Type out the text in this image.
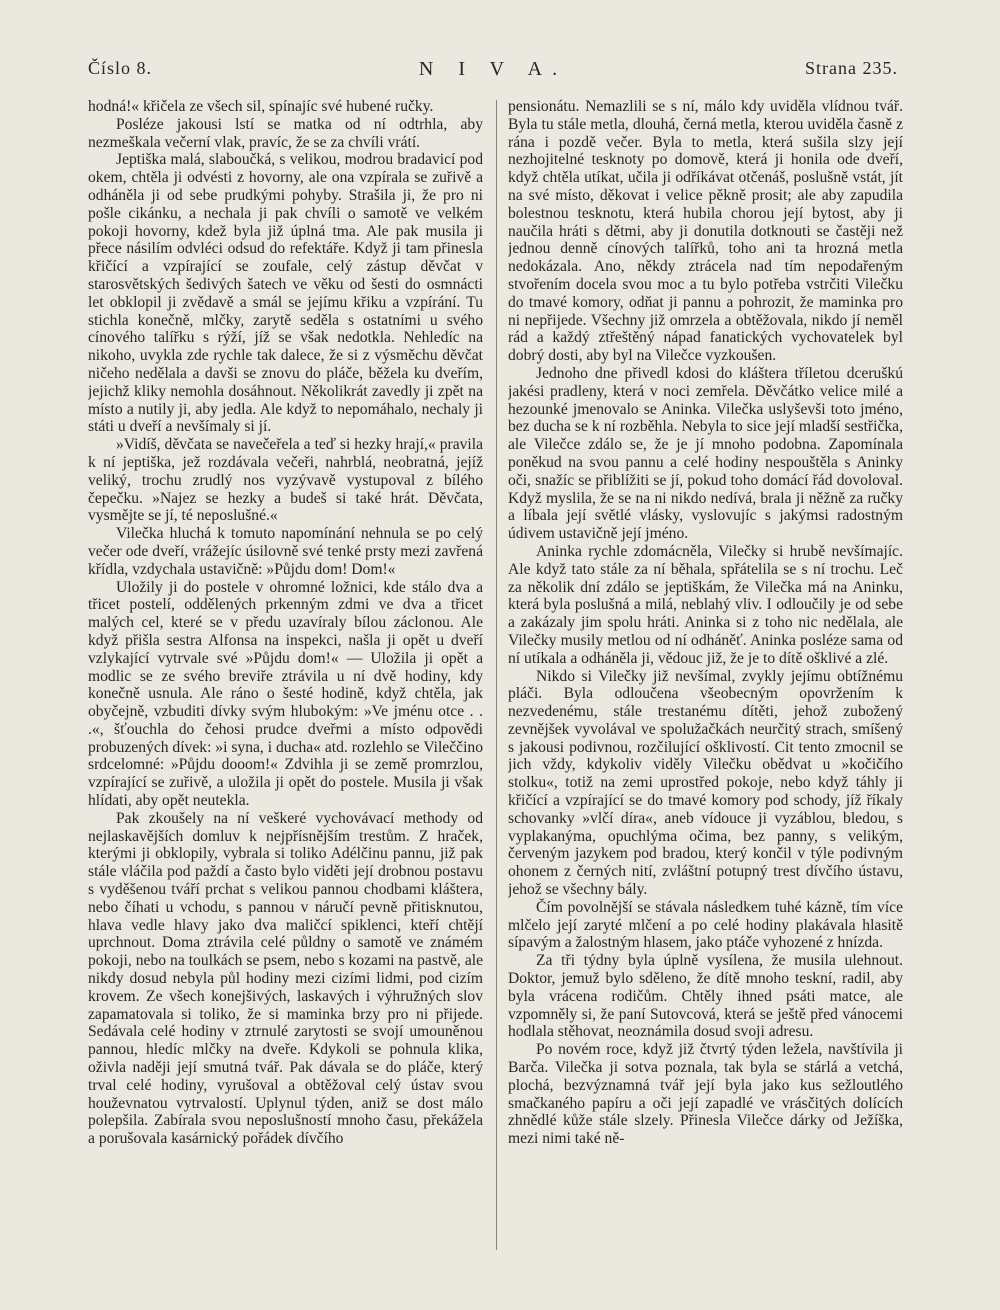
Číslo 8.	N I V A.	Strana 235.

hodná!« křičela ze všech sil, spínajíc své hubené ručky.

Posléze jakousi lstí se matka od ní odtrhla, aby nezmeškala večerní vlak, pravíc, že se za chvíli vrátí.

Jeptiška malá, slaboučká, s velikou, modrou bradavicí pod okem, chtěla ji odvésti z hovorny, ale ona vzpírala se zuřivě a odháněla ji od sebe prudkými pohyby. Strašila ji, že pro ni pošle cikánku, a nechala ji pak chvíli o samotě ve velkém pokoji hovorny, kdež byla již úplná tma. Ale pak musila ji přece násilím odvléci odsud do refektáře. Když ji tam přinesla křičící a vzpírající se zoufale, celý zástup děvčat v starosvětských šedivých šatech ve věku od šesti do osmnácti let obklopil ji zvědavě a smál se jejímu křiku a vzpírání. Tu stichla konečně, mlčky, zarytě seděla s ostatními u svého cínového talířku s rýží, jíž se však nedotkla. Nehledíc na nikoho, uvykla zde rychle tak dalece, že si z výsměchu děvčat ničeho nedělala a davši se znovu do pláče, běžela ku dveřím, jejichž kliky nemohla dosáhnout. Několikrát zavedly ji zpět na místo a nutily ji, aby jedla. Ale když to nepomáhalo, nechaly ji státi u dveří a nevšímaly si jí.

»Vidíš, děvčata se navečeřela a teď si hezky hrají,« pravila k ní jeptiška, jež rozdávala večeři, nahrblá, neobratná, jejíž veliký, trochu zrudlý nos vyzývavě vystupoval z bílého čepečku. »Najez se hezky a budeš si také hrát. Děvčata, vysmějte se jí, té neposlušné.«

Vilečka hluchá k tomuto napomínání nehnula se po celý večer ode dveří, vrážejíc úsilovně své tenké prsty mezi zavřená křídla, vzdychala ustavičně: »Půjdu dom! Dom!«

Uložily ji do postele v ohromné ložnici, kde stálo dva a třicet postelí, oddělených prkenným zdmi ve dva a třicet malých cel, které se v předu uzavíraly bílou záclonou. Ale když přišla sestra Alfonsa na inspekci, našla ji opět u dveří vzlykající vytrvale své »Půjdu dom!« — Uložila ji opět a modlic se ze svého breviře ztrávila u ní dvě hodiny, kdy konečně usnula. Ale ráno o šesté hodině, když chtěla, jak obyčejně, vzbuditi dívky svým hlubokým: »Ve jménu otce . . .«, šťouchla do čehosi prudce dveřmi a místo odpovědi probuzených dívek: »i syna, i ducha« atd. rozlehlo se Vileččino srdcelomné: »Půjdu dooom!« Zdvihla ji se země promrzlou, vzpírající se zuřivě, a uložila ji opět do postele. Musila ji však hlídati, aby opět neutekla.

Pak zkoušely na ní veškeré vychovávací methody od nejlaskavějších domluv k nejpřísnějším trestům. Z hraček, kterými ji obklopily, vybrala si toliko Adélčinu pannu, již pak stále vláčila pod paždí a často bylo viděti její drobnou postavu s vyděšenou tváří prchat s velikou pannou chodbami kláštera, nebo číhati u vchodu, s pannou v náručí pevně přitisknutou, hlava vedle hlavy jako dva maličcí spiklenci, kteří chtějí uprchnout. Doma ztrávila celé půldny o samotě ve známém pokoji, nebo na toulkách se psem, nebo s kozami na pastvě, ale nikdy dosud nebyla půl hodiny mezi cizími lidmi, pod cizím krovem. Ze všech konejšivých, laskavých i výhružných slov zapamatovala si toliko, že si maminka brzy pro ni přijede. Sedávala celé hodiny v ztrnulé zarytosti se svojí umouněnou pannou, hledíc mlčky na dveře. Kdykoli se pohnula klika, oživla naději její smutná tvář. Pak dávala se do pláče, který trval celé hodiny, vyrušoval a obtěžoval celý ústav svou houževnatou vytrvalostí. Uplynul týden, aniž se dost málo polepšila. Zabírala svou neposlušností mnoho času, překážela a porušovala kasárnický pořádek dívčího

pensionátu. Nemazlili se s ní, málo kdy uviděla vlídnou tvář. Byla tu stále metla, dlouhá, černá metla, kterou uviděla časně z rána i pozdě večer. Byla to metla, která sušila slzy její nezhojitelné tesknoty po domově, která ji honila ode dveří, když chtěla utíkat, učila ji odříkávat otčenáš, poslušně vstát, jít na své místo, děkovat i velice pěkně prosit; ale aby zapudila bolestnou tesknotu, která hubila chorou její bytost, aby ji naučila hráti s dětmi, aby ji donutila dotknouti se častěji než jednou denně cínových talířků, toho ani ta hrozná metla nedokázala. Ano, někdy ztrácela nad tím nepodařeným stvořením docela svou moc a tu bylo potřeba vstrčiti Vilečku do tmavé komory, odňat ji pannu a pohrozit, že maminka pro ni nepřijede. Všechny již omrzela a obtěžovala, nikdo jí neměl rád a každý ztřeštěný nápad fanatických vychovatelek byl dobrý dosti, aby byl na Vilečce vyzkoušen.

Jednoho dne přivedl kdosi do kláštera tříletou dceruškú jakési pradleny, která v noci zemřela. Děvčátko velice milé a hezounké jmenovalo se Aninka. Vilečka uslyševši toto jméno, bez ducha se k ní rozběhla. Nebyla to sice její mladší sestřička, ale Vilečce zdálo se, že je jí mnoho podobna. Zapomínala poněkud na svou pannu a celé hodiny nespouštěla s Aninky oči, snažíc se přiblížiti se jí, pokud toho domácí řád dovoloval. Když myslila, že se na ni nikdo nedívá, brala ji něžně za ručky a líbala její světlé vlásky, vyslovujíc s jakýmsi radostným údivem ustavičně její jméno.

Aninka rychle zdomácněla, Vilečky si hrubě nevšímajíc. Ale když tato stále za ní běhala, spřátelila se s ní trochu. Leč za několik dní zdálo se jeptiškám, že Vilečka má na Aninku, která byla poslušná a milá, neblahý vliv. I odloučily je od sebe a zakázaly jim spolu hráti. Aninka si z toho nic nedělala, ale Vilečky musily metlou od ní odháněť. Aninka posléze sama od ní utíkala a odháněla ji, vědouc již, že je to dítě ošklivé a zlé.

Nikdo si Vilečky již nevšímal, zvykly jejímu obtížnému pláči. Byla odloučena všeobecným opovržením k nezvedenému, stále trestanému dítěti, jehož zubožený zevnějšek vyvolával ve spolužačkách neurčitý strach, smíšený s jakousi podivnou, rozčilující ošklivostí. Cit tento zmocnil se jich vždy, kdykoliv viděly Vilečku obědvat u »kočičího stolku«, totiž na zemi uprostřed pokoje, nebo když táhly ji křičící a vzpírající se do tmavé komory pod schody, jíž říkaly schovanky »vlčí díra«, aneb vídouce ji vyzáblou, bledou, s vyplakanýma, opuchlýma očima, bez panny, s velikým, červeným jazykem pod bradou, který končil v týle podivným ohonem z černých nití, zvláštní potupný trest dívčího ústavu, jehož se všechny bály.

Čím povolnější se stávala následkem tuhé kázně, tím více mlčelo její zaryté mlčení a po celé hodiny plakávala hlasitě sípavým a žalostným hlasem, jako ptáče vyhozené z hnízda.

Za tři týdny byla úplně vysílena, že musila ulehnout. Doktor, jemuž bylo sděleno, že dítě mnoho teskní, radil, aby byla vrácena rodičům. Chtěly ihned psáti matce, ale vzpomněly si, že paní Sutovcová, která se ještě před vánocemi hodlala stěhovat, neoznámila dosud svoji adresu.

Po novém roce, když již čtvrtý týden ležela, navštívila ji Barča. Vilečka ji sotva poznala, tak byla se stárlá a vetchá, plochá, bezvýznamná tvář její byla jako kus sežloutlého smačkaného papíru a oči její zapadlé ve vrásčitých dolících zhnědlé kůže stále slzely. Přinesla Vilečce dárky od Ježíška, mezi nimi také ně-
